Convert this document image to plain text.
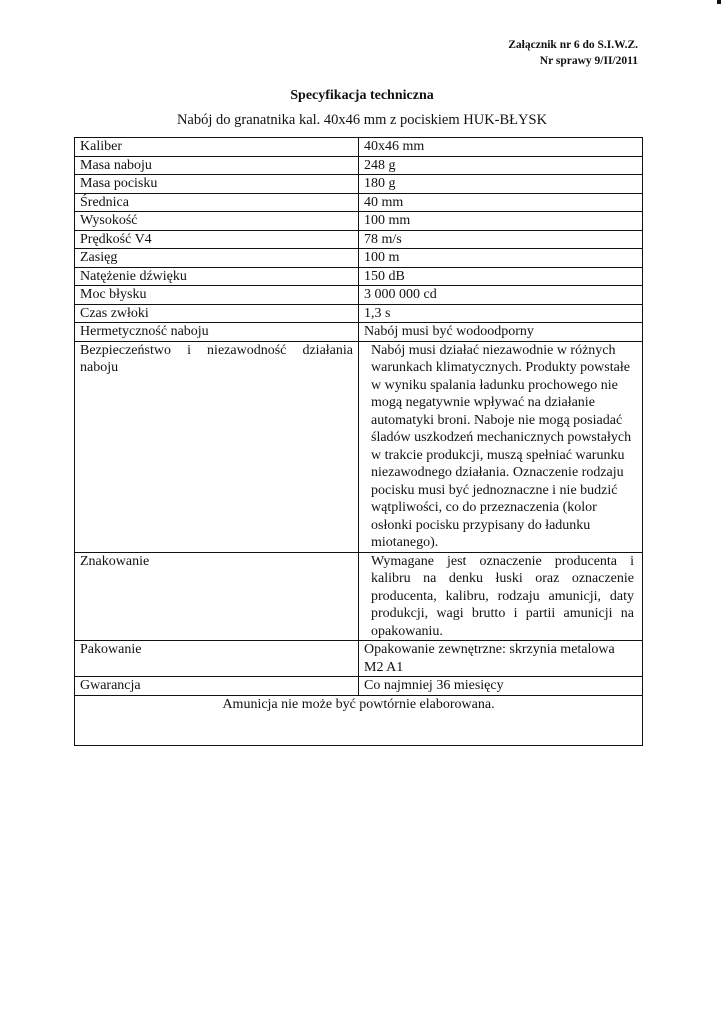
Załącznik nr 6 do S.I.W.Z.
Nr sprawy 9/II/2011
Specyfikacja techniczna
Nabój do granatnika kal. 40x46 mm z pociskiem HUK-BŁYSK
Kaliber	40x46 mm
Masa naboju	248 g
Masa pocisku	180 g
Średnica	40 mm
Wysokość	100 mm
Prędkość V4	78 m/s
Zasięg	100 m
Natężenie dźwięku	150 dB
Moc błysku	3 000 000 cd
Czas zwłoki	1,3 s
Hermetyczność naboju	Nabój musi być wodoodporny
Bezpieczeństwo i niezawodność działania naboju	Nabój musi działać niezawodnie w różnych warunkach klimatycznych. Produkty powstałe w wyniku spalania ładunku prochowego nie mogą negatywnie wpływać na działanie automatyki broni. Naboje nie mogą posiadać śladów uszkodzeń mechanicznych powstałych w trakcie produkcji, muszą spełniać warunku niezawodnego działania. Oznaczenie rodzaju pocisku musi być jednoznaczne i nie budzić wątpliwości, co do przeznaczenia (kolor osłonki pocisku przypisany do ładunku miotanego).
Znakowanie	Wymagane jest oznaczenie producenta i kalibru na denku łuski oraz oznaczenie producenta, kalibru, rodzaju amunicji, daty produkcji, wagi brutto i partii amunicji na opakowaniu.
Pakowanie	Opakowanie zewnętrzne: skrzynia metalowa M2 A1
Gwarancja	Co najmniej 36 miesięcy
Amunicja nie może być powtórnie elaborowana.	
